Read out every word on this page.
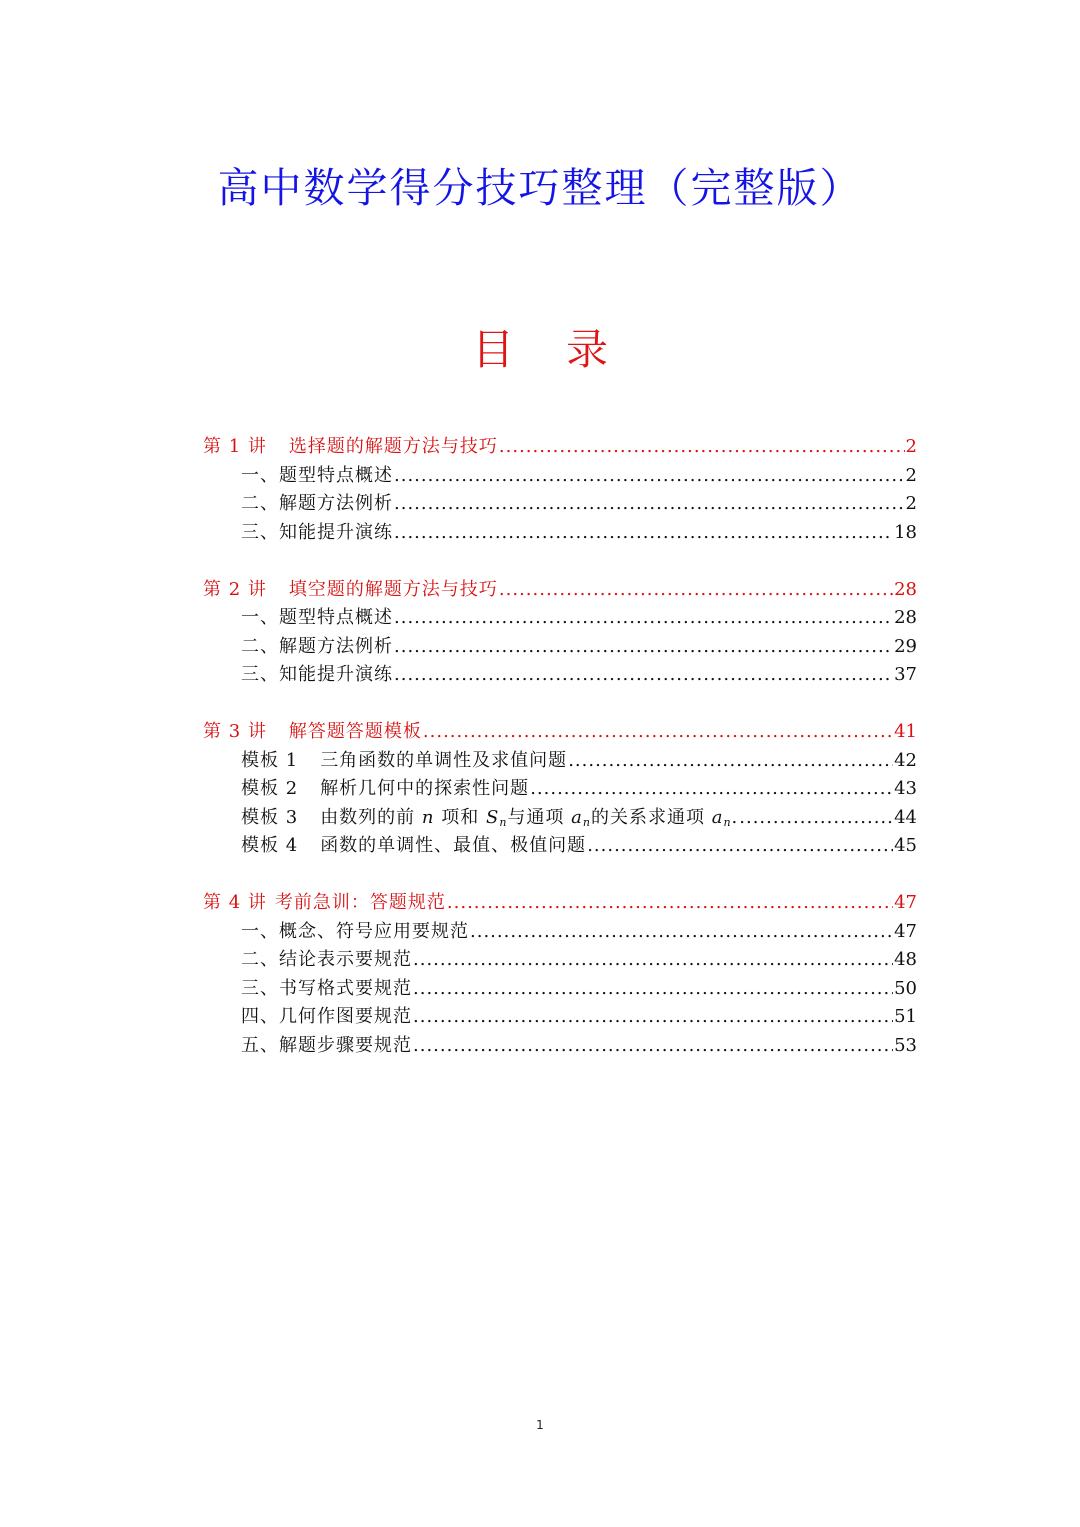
高中数学得分技巧整理（完整版）
目 录
第 1 讲 选择题的解题方法与技巧 .....	2
一、题型特点概述 .....	2
二、解题方法例析 .....	2
三、知能提升演练 .....	18
第 2 讲 填空题的解题方法与技巧 .....	28
一、题型特点概述 .....	28
二、解题方法例析 .....	29
三、知能提升演练 .....	37
第 3 讲 解答题答题模板 .....	41
模板 1 三角函数的单调性及求值问题 .....	42
模板 2 解析几何中的探索性问题 .....	43
模板 3 由数列的前 n 项和 $S_n$与通项 $a_n$的关系求通项 $a_n$. .....	44
模板 4 函数的单调性、最值、极值问题 .....	45
第 4 讲 考前急训：答题规范 .....	47
一、概念、符号应用要规范 .....	47
二、结论表示要规范 .....	48
三、书写格式要规范 .....	50
四、几何作图要规范 .....	51
五、解题步骤要规范 .....	53
1
